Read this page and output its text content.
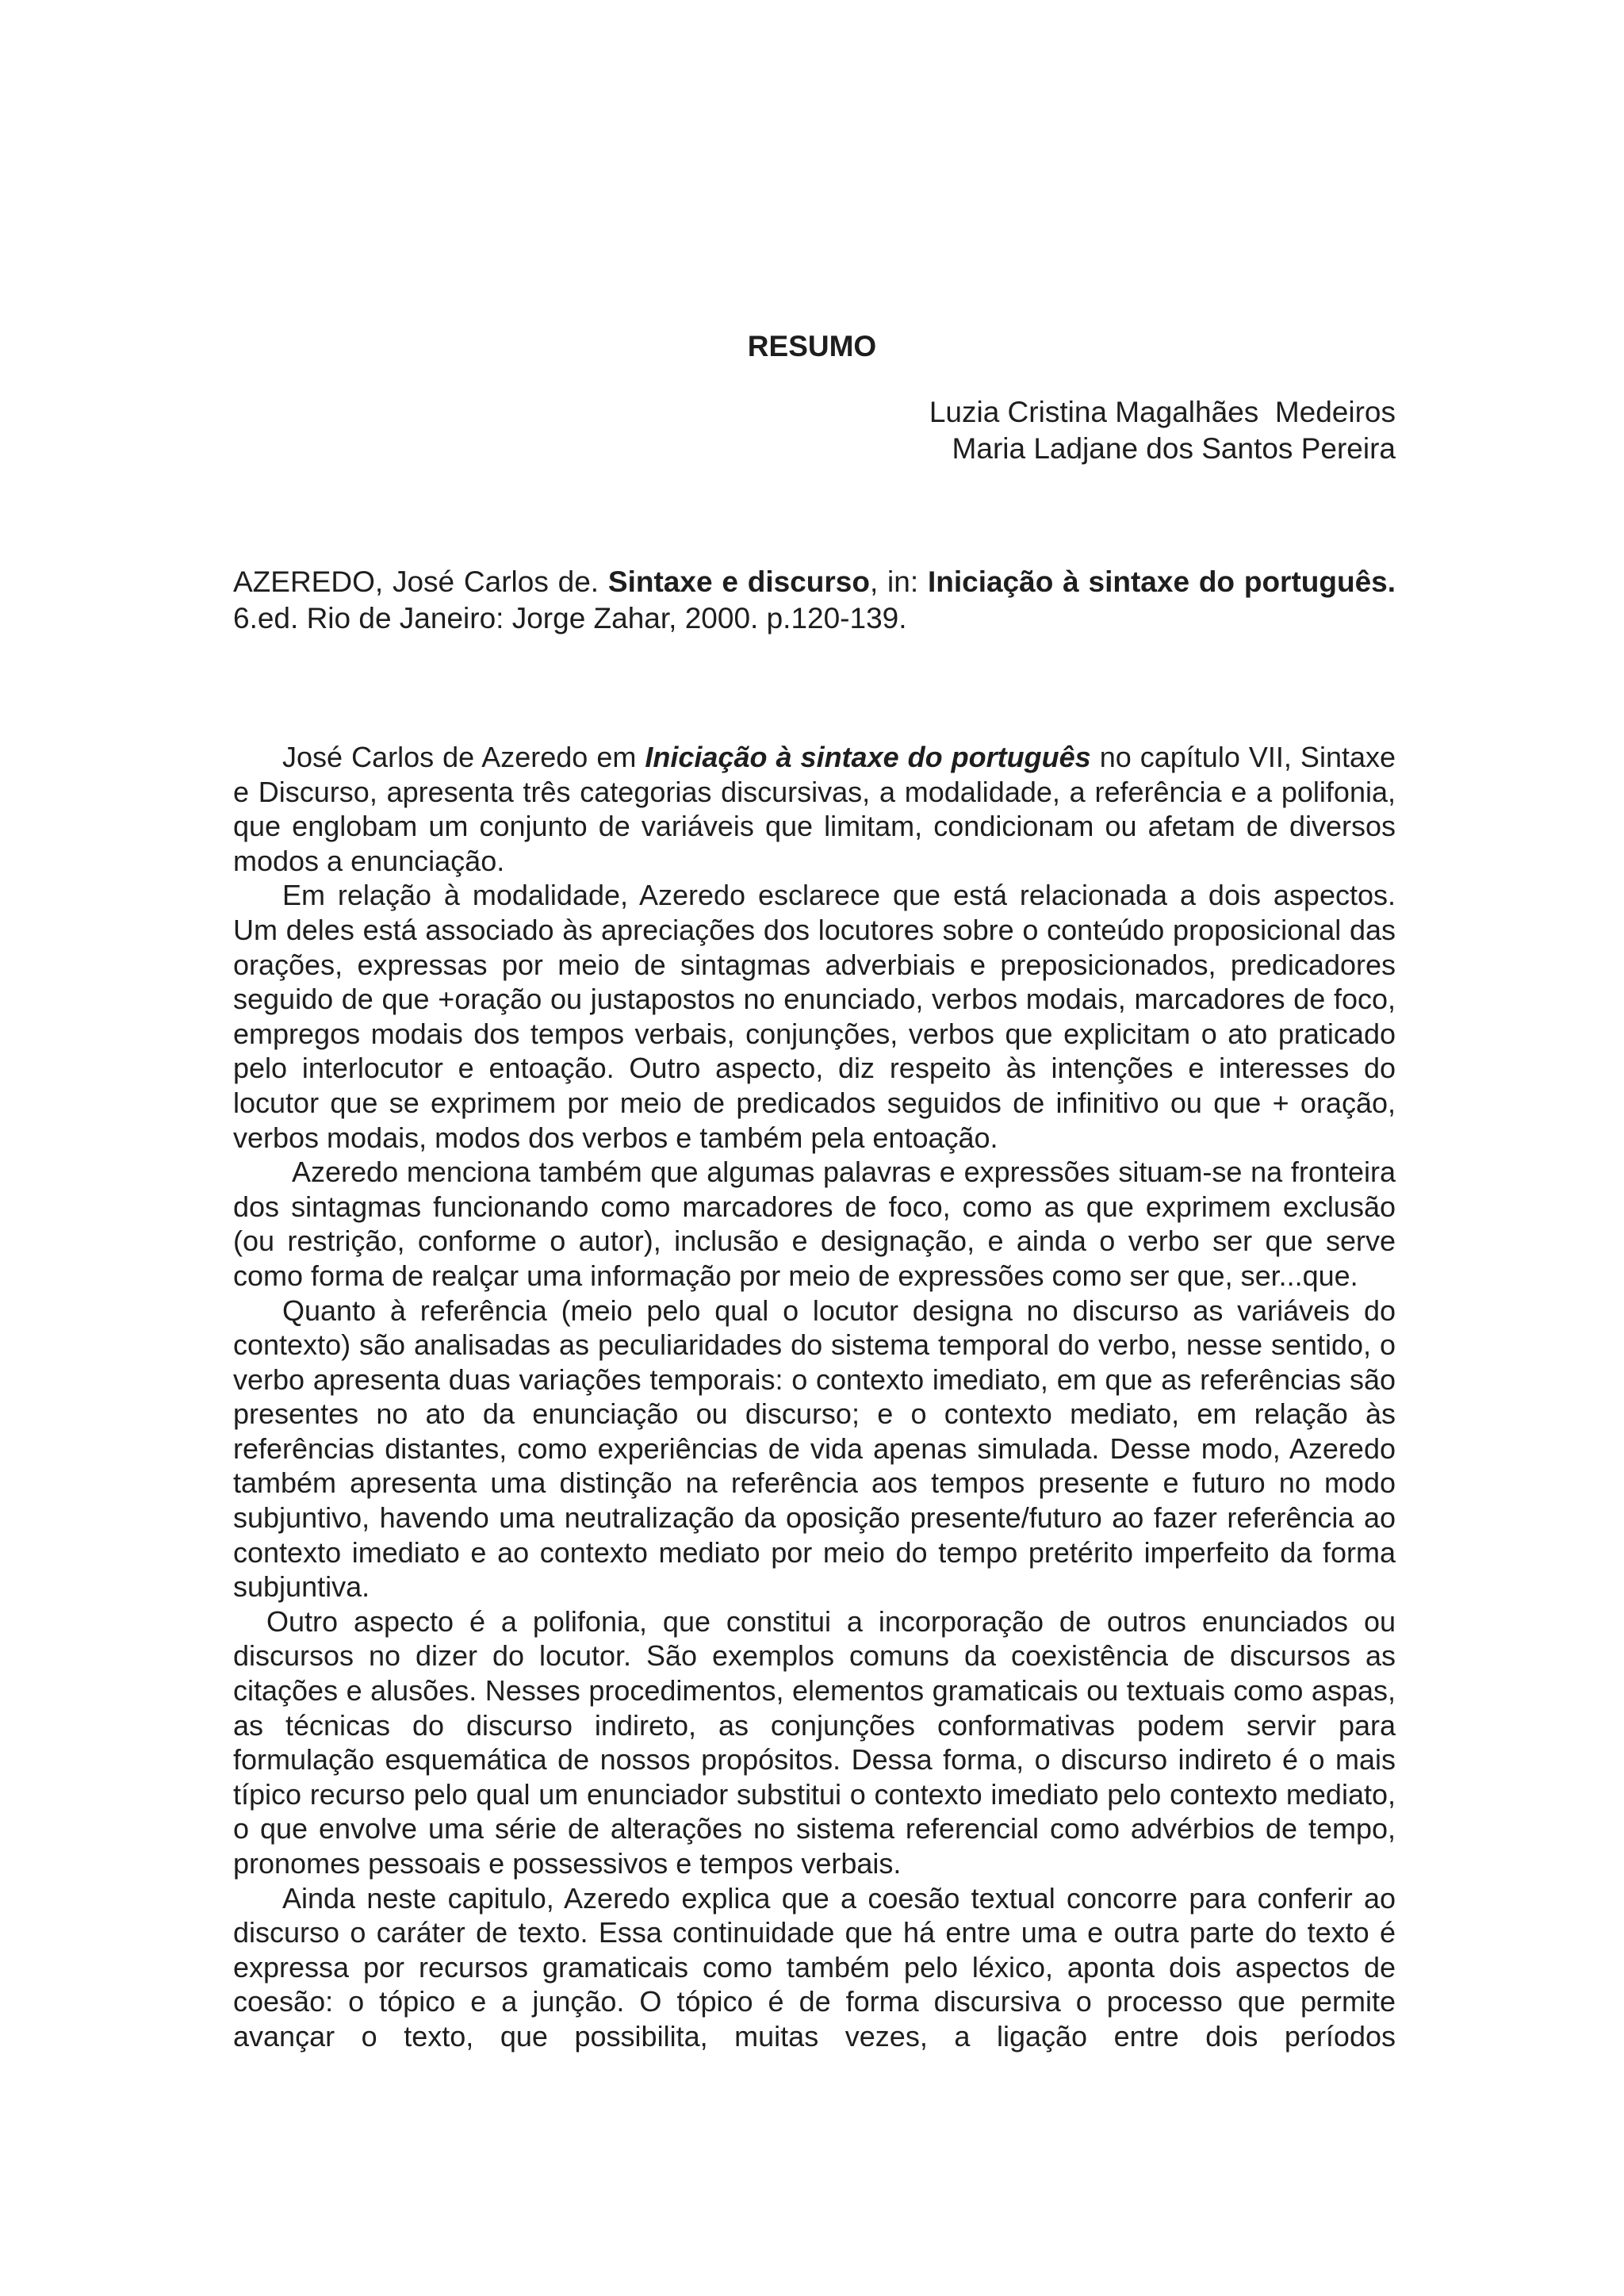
RESUMO
Luzia Cristina Magalhães  Medeiros
Maria Ladjane dos Santos Pereira

AZEREDO, José Carlos de. Sintaxe e discurso, in: Iniciação à sintaxe do português. 6.ed. Rio de Janeiro: Jorge Zahar, 2000. p.120-139.

José Carlos de Azeredo em Iniciação à sintaxe do português no capítulo VII, Sintaxe e Discurso, apresenta três categorias discursivas, a modalidade, a referência e a polifonia, que englobam um conjunto de variáveis que limitam, condicionam ou afetam de diversos modos a enunciação.

Em relação à modalidade, Azeredo esclarece que está relacionada a dois aspectos. Um deles está associado às apreciações dos locutores sobre o conteúdo proposicional das orações, expressas por meio de sintagmas adverbiais e preposicionados, predicadores seguido de que +oração ou justapostos no enunciado, verbos modais, marcadores de foco, empregos modais dos tempos verbais, conjunções, verbos que explicitam o ato praticado pelo interlocutor e entoação. Outro aspecto, diz respeito às intenções e interesses do locutor que se exprimem por meio de predicados seguidos de infinitivo ou que + oração, verbos modais, modos dos verbos e também pela entoação.

Azeredo menciona também que algumas palavras e expressões situam-se na fronteira dos sintagmas funcionando como marcadores de foco, como as que exprimem exclusão (ou restrição, conforme o autor), inclusão e designação, e ainda o verbo ser que serve como forma de realçar uma informação por meio de expressões como ser que, ser...que.

Quanto à referência (meio pelo qual o locutor designa no discurso as variáveis do contexto) são analisadas as peculiaridades do sistema temporal do verbo, nesse sentido, o verbo apresenta duas variações temporais: o contexto imediato, em que as referências são presentes no ato da enunciação ou discurso; e o contexto mediato, em relação às referências distantes, como experiências de vida apenas simulada. Desse modo, Azeredo também apresenta uma distinção na referência aos tempos presente e futuro no modo subjuntivo, havendo uma neutralização da oposição presente/futuro ao fazer referência ao contexto imediato e ao contexto mediato por meio do tempo pretérito imperfeito da forma subjuntiva.

Outro aspecto é a polifonia, que constitui a incorporação de outros enunciados ou discursos no dizer do locutor. São exemplos comuns da coexistência de discursos as citações e alusões. Nesses procedimentos, elementos gramaticais ou textuais como aspas, as técnicas do discurso indireto, as conjunções conformativas podem servir para formulação esquemática de nossos propósitos. Dessa forma, o discurso indireto é o mais típico recurso pelo qual um enunciador substitui o contexto imediato pelo contexto mediato, o que envolve uma série de alterações no sistema referencial como advérbios de tempo, pronomes pessoais e possessivos e tempos verbais.

Ainda neste capitulo, Azeredo explica que a coesão textual concorre para conferir ao discurso o caráter de texto. Essa continuidade que há entre uma e outra parte do texto é expressa por recursos gramaticais como também pelo léxico, aponta dois aspectos de coesão: o tópico e a junção. O tópico é de forma discursiva o processo que permite avançar o texto, que possibilita, muitas vezes, a ligação entre dois períodos
